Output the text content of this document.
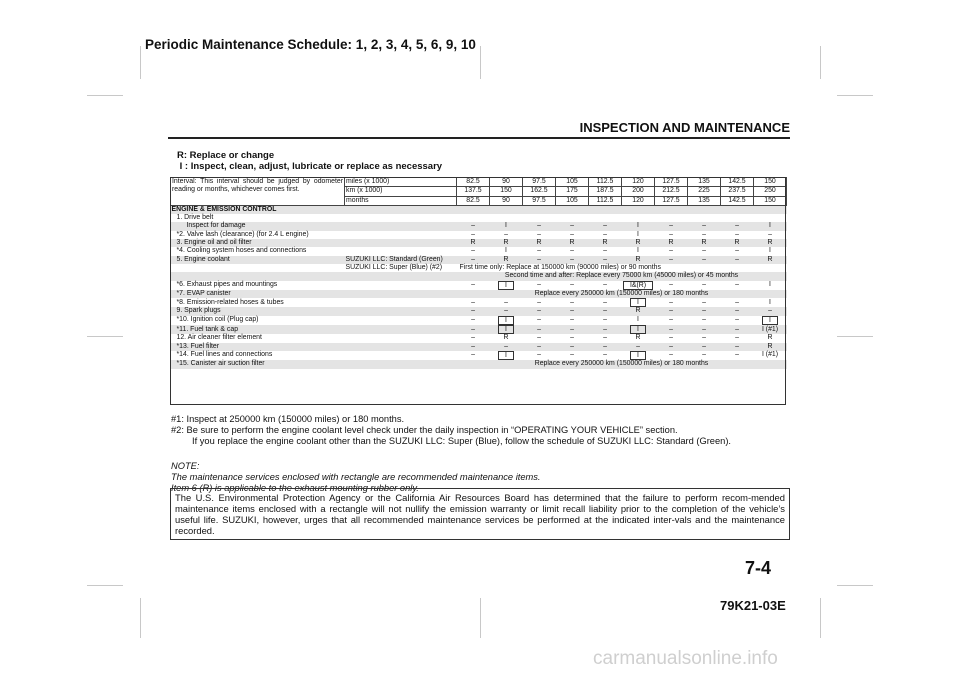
Periodic Maintenance Schedule: 1, 2, 3, 4, 5, 6, 9, 10
INSPECTION AND MAINTENANCE
R: Replace or change
I : Inspect, clean, adjust, lubricate or replace as necessary
Interval: This interval should be judged by odometer reading or months, whichever comes first.	miles (x 1000)	82.5	90	97.5	105	112.5	120	127.5	135	142.5	150
	km (x 1000)	137.5	150	162.5	175	187.5	200	212.5	225	237.5	250
	months	82.5	90	97.5	105	112.5	120	127.5	135	142.5	150
ENGINE & EMISSION CONTROL											
1. Drive belt											
Inspect for damage		–	I	–	–	–	I	–	–	–	I
*2. Valve lash (clearance) (for 2.4 L engine)		–	–	–	–	–	I	–	–	–	–
3. Engine oil and oil filter		R	R	R	R	R	R	R	R	R	R
*4. Cooling system hoses and connections		–	I	–	–	–	I	–	–	–	I
5. Engine coolant	SUZUKI LLC: Standard (Green)	–	R	–	–	–	R	–	–	–	R
	SUZUKI LLC: Super (Blue) (#2)	First time only: Replace at 150000 km (90000 miles) or 90 months									
		Second time and after: Replace every 75000 km (45000 miles) or 45 months									
*6. Exhaust pipes and mountings		–	I	–	–	–	I&(R)	–	–	–	I
*7. EVAP canister		Replace every 250000 km (150000 miles) or 180 months									
*8. Emission-related hoses & tubes		–	–	–	–	–	I	–	–	–	I
9. Spark plugs		–	–	–	–	–	R	–	–	–	–
*10. Ignition coil (Plug cap)		–	I	–	–	–	I	–	–	–	I
*11. Fuel tank & cap		–	I	–	–	–	I	–	–	–	I (#1)
12. Air cleaner filter element		–	R	–	–	–	R	–	–	–	R
*13. Fuel filter		–	–	–	–	–	–	–	–	–	R
*14. Fuel lines and connections		–	I	–	–	–	I	–	–	–	I (#1)
*15. Canister air suction filter		Replace every 250000 km (150000 miles) or 180 months									
#1: Inspect at 250000 km (150000 miles) or 180 months.
#2: Be sure to perform the engine coolant level check under the daily inspection in “OPERATING YOUR VEHICLE” section.
If you replace the engine coolant other than the SUZUKI LLC: Super (Blue), follow the schedule of SUZUKI LLC: Standard (Green).
NOTE:
The maintenance services enclosed with rectangle are recommended maintenance items.
Item 6 (R) is applicable to the exhaust mounting rubber only.
The U.S. Environmental Protection Agency or the California Air Resources Board has determined that the failure to perform recom-mended maintenance items enclosed with a rectangle will not nullify the emission warranty or limit recall liability prior to the completion of the vehicle’s useful life. SUZUKI, however, urges that all recommended maintenance services be performed at the indicated inter-vals and the maintenance recorded.
7-4
79K21-03E
carmanualsonline.info
